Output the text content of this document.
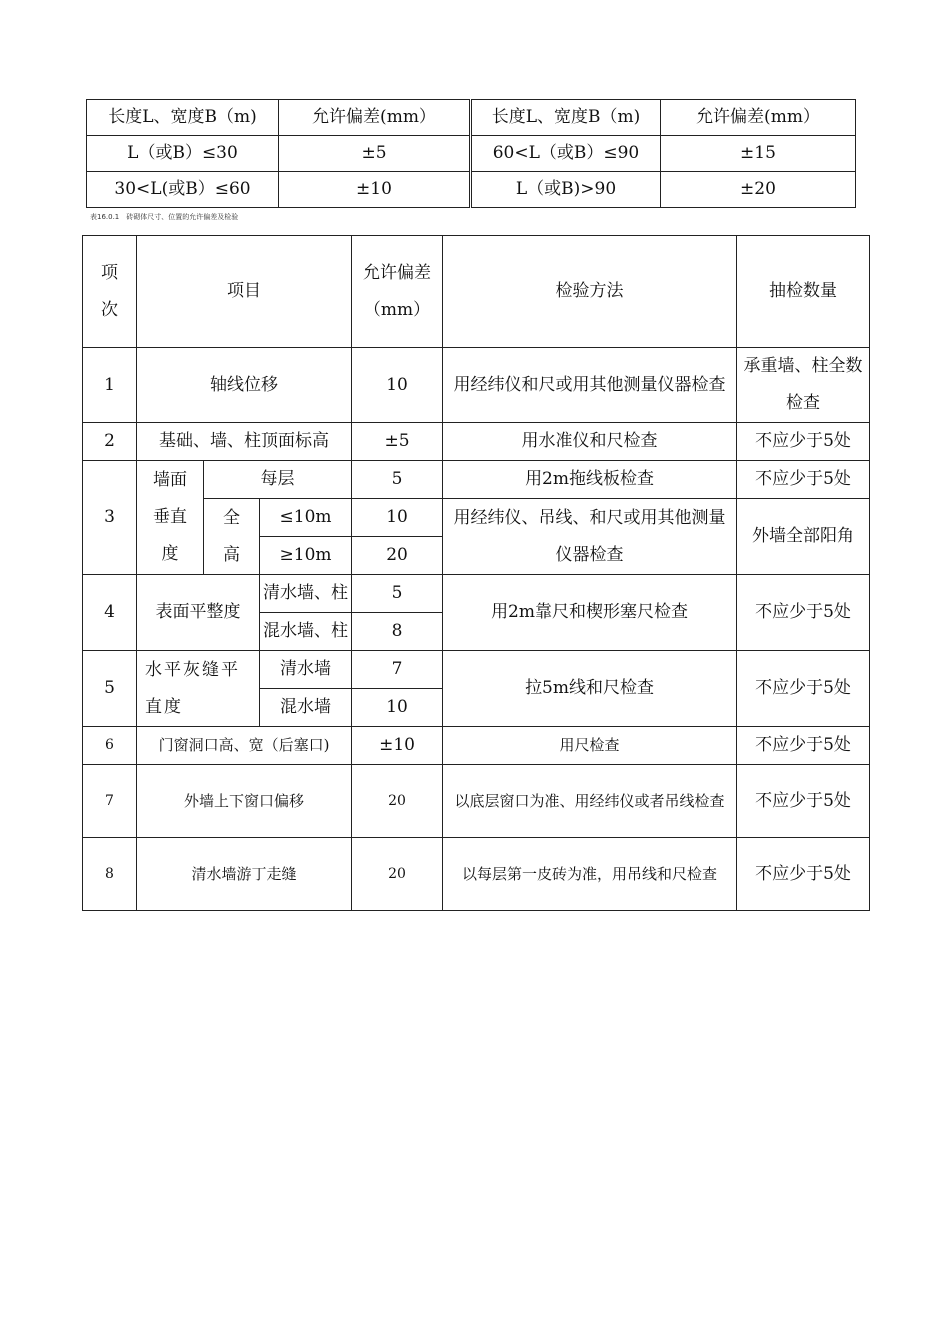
长度L、宽度B（m)	允许偏差(mm）	长度L、宽度B（m)	允许偏差(mm）
L（或B）≤30	±5	60<L（或B）≤90	±15
30<L(或B）≤60	±10	L（或B)>90	±20
表16.0.1　砖砌体尺寸、位置的允许偏差及检验
项次	项目			允许偏差（mm）	检验方法	抽检数量
1	轴线位移			10	用经纬仪和尺或用其他测量仪器检查	承重墙、柱全数检查
2	基础、墙、柱顶面标高			±5	用水准仪和尺检查	不应少于5处
3	墙面垂直度	每层		5	用2m拖线板检查	不应少于5处
		全高	≤10m	10	用经纬仪、吊线、和尺或用其他测量仪器检查	外墙全部阳角
			≥10m	20		
4	表面平整度		清水墙、柱	5	用2m靠尺和楔形塞尺检查	不应少于5处
			混水墙、柱	8		
5	水平灰缝平直度		清水墙	7	拉5m线和尺检查	不应少于5处
			混水墙	10		
6	门窗洞口高、宽（后塞口)			±10	用尺检查	不应少于5处
7	外墙上下窗口偏移			20	以底层窗口为准、用经纬仪或者吊线检查	不应少于5处
8	清水墙游丁走缝			20	以每层第一皮砖为准，用吊线和尺检查	不应少于5处
